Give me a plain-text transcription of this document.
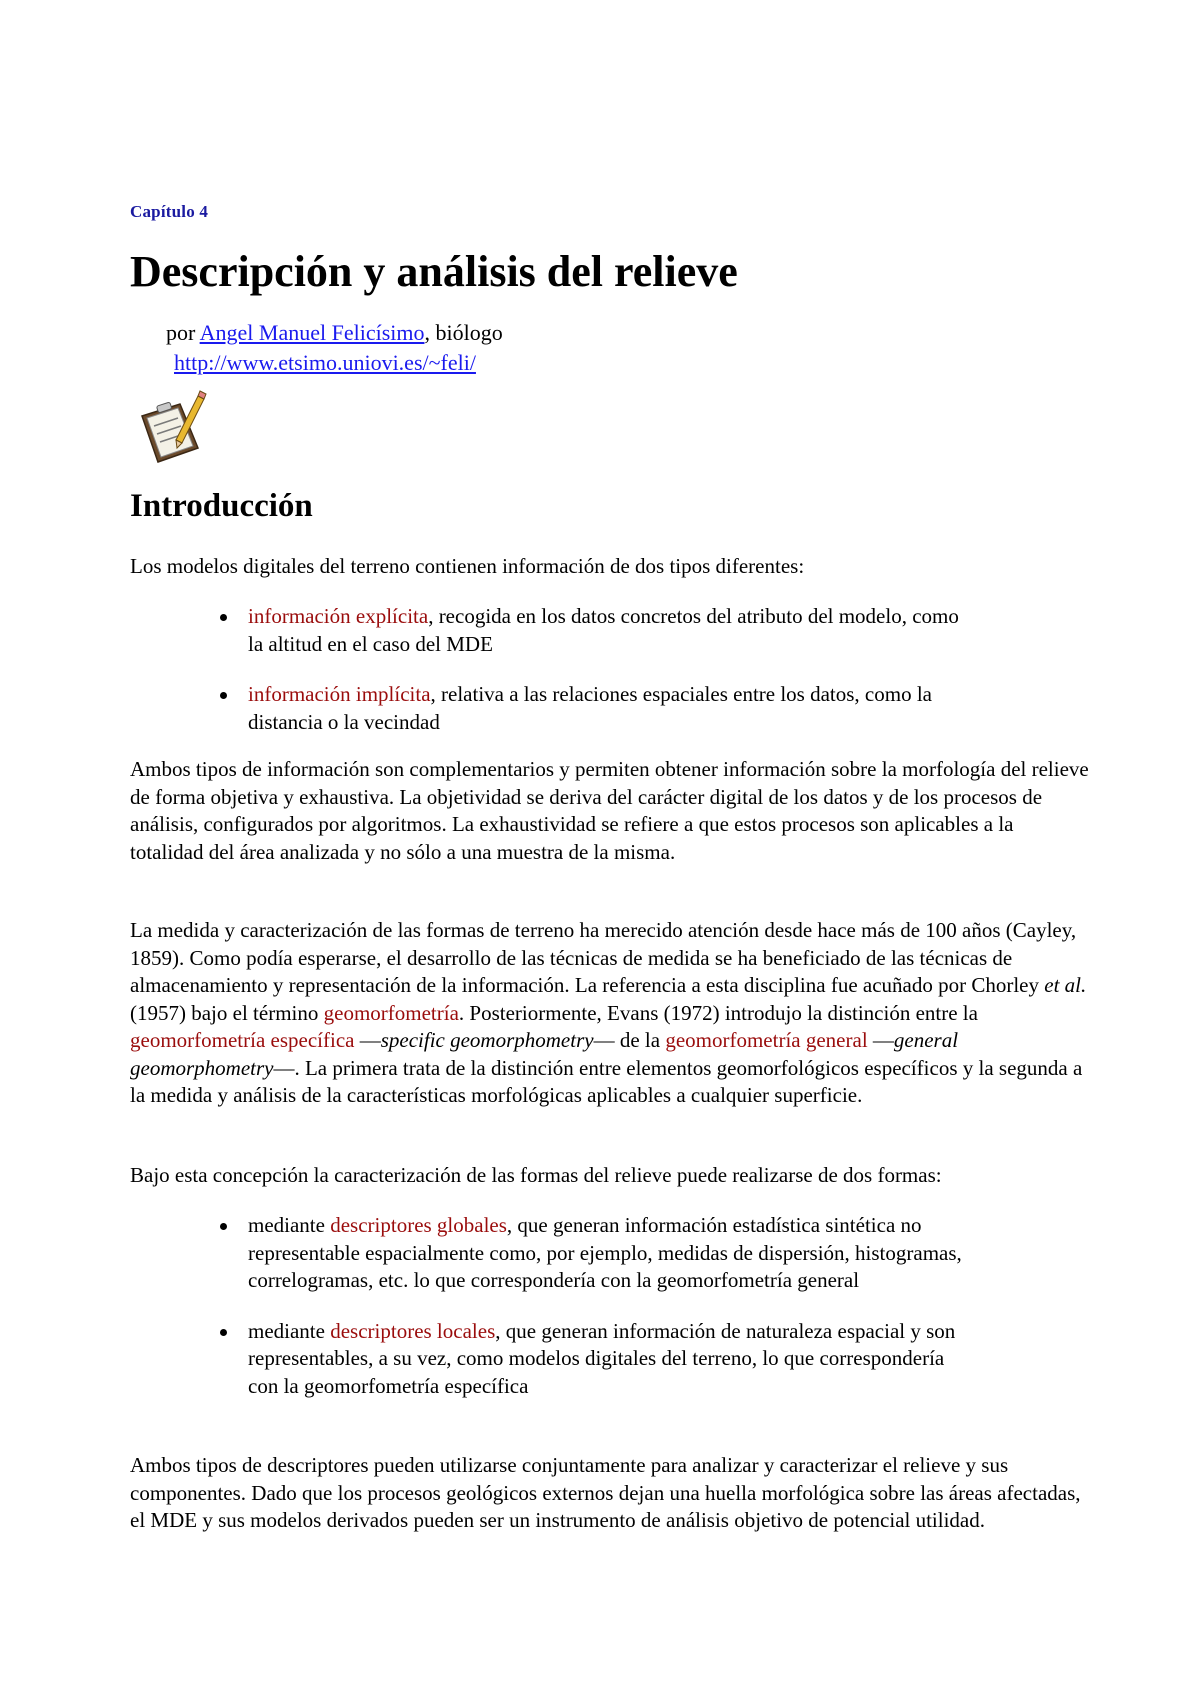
Capítulo 4
Descripción y análisis del relieve
por Angel Manuel Felicísimo, biólogo
http://www.etsimo.uniovi.es/~feli/
Introducción

Los modelos digitales del terreno contienen información de dos tipos diferentes:

información explícita, recogida en los datos concretos del atributo del modelo, como la altitud en el caso del MDE
información implícita, relativa a las relaciones espaciales entre los datos, como la distancia o la vecindad

Ambos tipos de información son complementarios y permiten obtener información sobre la morfología del relieve de forma objetiva y exhaustiva. La objetividad se deriva del carácter digital de los datos y de los procesos de análisis, configurados por algoritmos. La exhaustividad se refiere a que estos procesos son aplicables a la totalidad del área analizada y no sólo a una muestra de la misma.

La medida y caracterización de las formas de terreno ha merecido atención desde hace más de 100 años (Cayley, 1859). Como podía esperarse, el desarrollo de las técnicas de medida se ha beneficiado de las técnicas de almacenamiento y representación de la información. La referencia a esta disciplina fue acuñado por Chorley et al. (1957) bajo el término geomorfometría. Posteriormente, Evans (1972) introdujo la distinción entre la geomorfometría específica —specific geomorphometry— de la geomorfometría general —general geomorphometry—. La primera trata de la distinción entre elementos geomorfológicos específicos y la segunda a la medida y análisis de la características morfológicas aplicables a cualquier superficie.

Bajo esta concepción la caracterización de las formas del relieve puede realizarse de dos formas:

mediante descriptores globales, que generan información estadística sintética no representable espacialmente como, por ejemplo, medidas de dispersión, histogramas, correlogramas, etc. lo que correspondería con la geomorfometría general
mediante descriptores locales, que generan información de naturaleza espacial y son representables, a su vez, como modelos digitales del terreno, lo que correspondería con la geomorfometría específica

Ambos tipos de descriptores pueden utilizarse conjuntamente para analizar y caracterizar el relieve y sus componentes. Dado que los procesos geológicos externos dejan una huella morfológica sobre las áreas afectadas, el MDE y sus modelos derivados pueden ser un instrumento de análisis objetivo de potencial utilidad.
